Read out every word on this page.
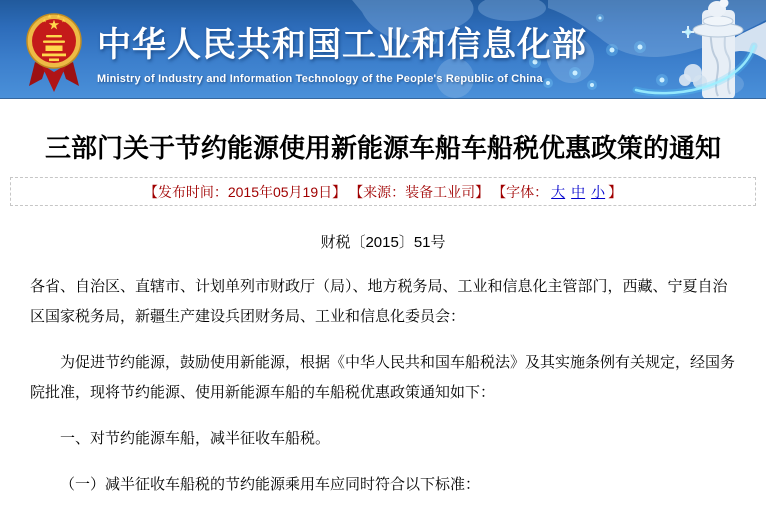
中华人民共和国工业和信息化部
Ministry of Industry and Information Technology of the People's Republic of China
三部门关于节约能源使用新能源车船车船税优惠政策的通知
【发布时间：2015年05月19日】 【来源：装备工业司】 【字体： 大 中 小 】
财税〔2015〕51号

各省、自治区、直辖市、计划单列市财政厅（局）、地方税务局、工业和信息化主管部门，西藏、宁夏自治区国家税务局，新疆生产建设兵团财务局、工业和信息化委员会：

为促进节约能源，鼓励使用新能源，根据《中华人民共和国车船税法》及其实施条例有关规定，经国务院批准，现将节约能源、使用新能源车船的车船税优惠政策通知如下：

一、对节约能源车船，减半征收车船税。

（一）减半征收车船税的节约能源乘用车应同时符合以下标准：
